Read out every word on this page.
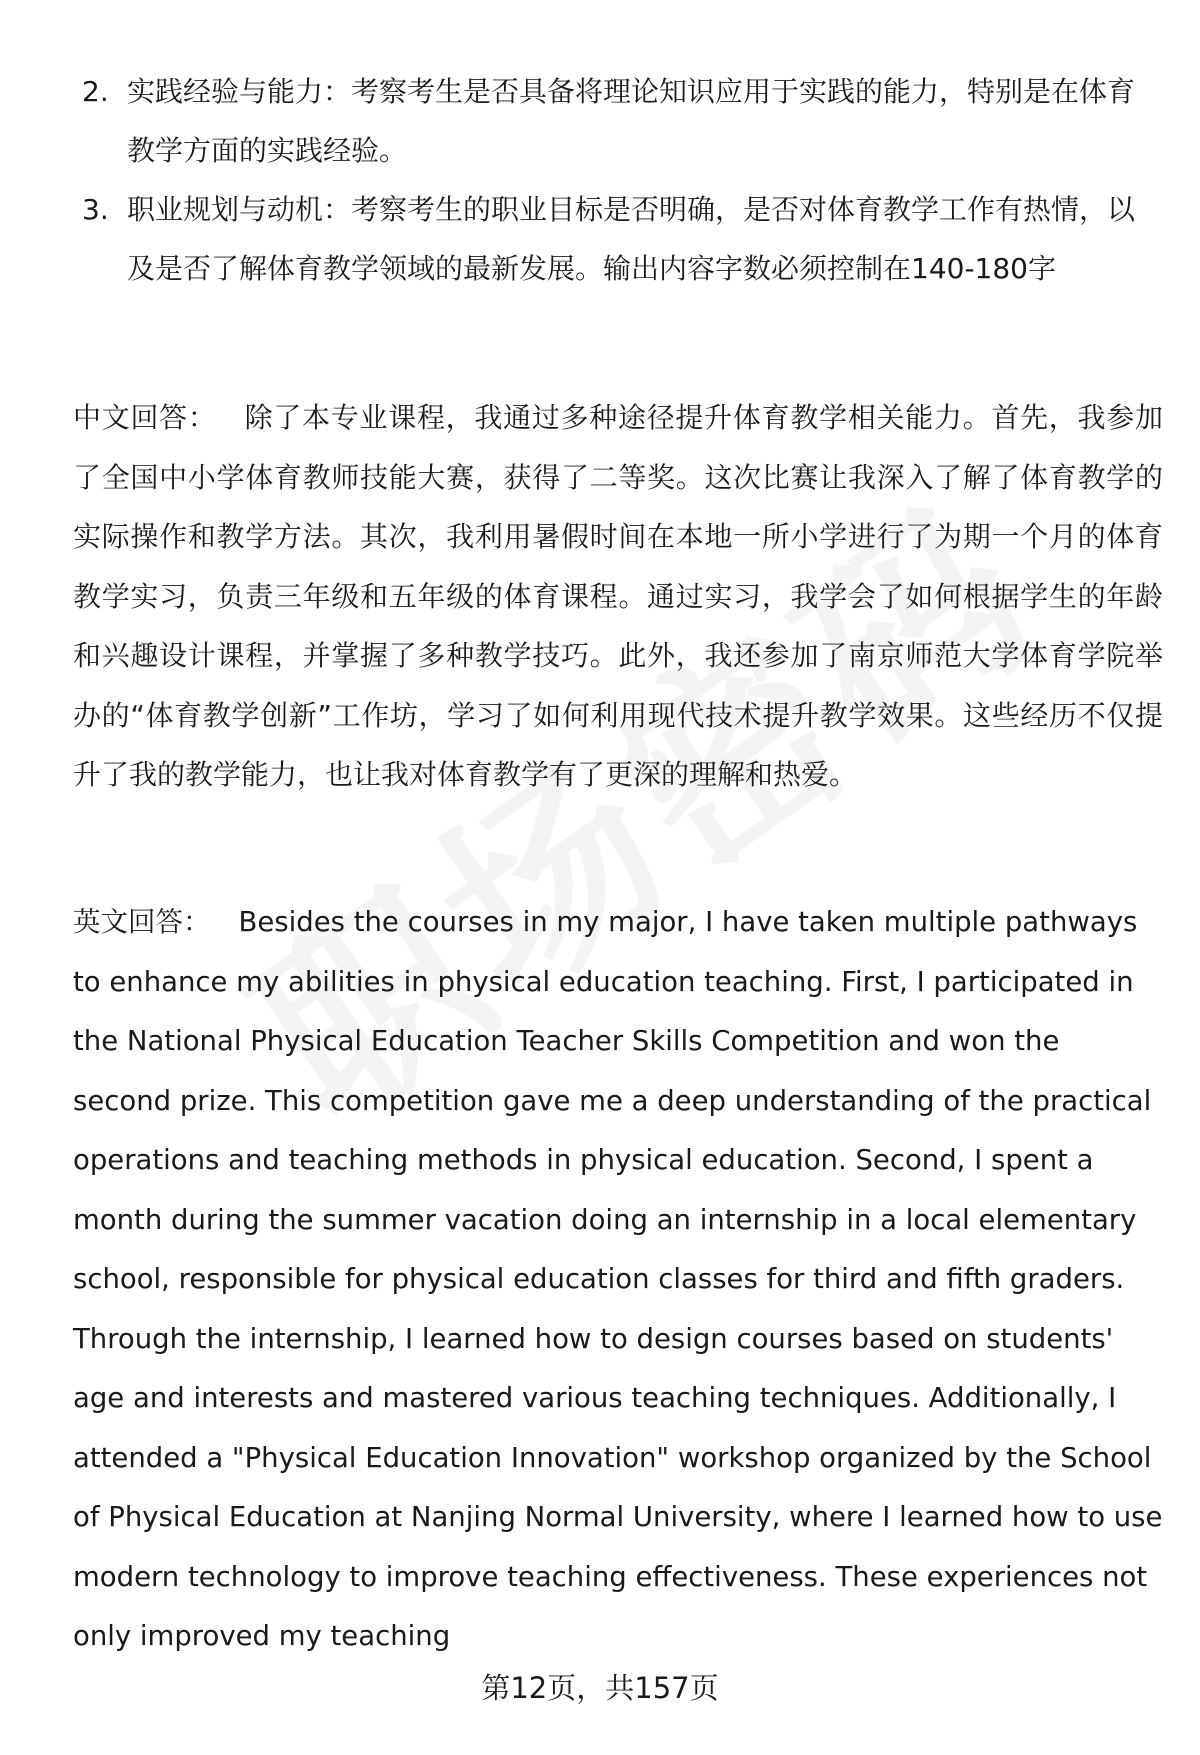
2. 实践经验与能力：考察考生是否具备将理论知识应用于实践的能力，特别是在体育教学方面的实践经验。
3. 职业规划与动机：考察考生的职业目标是否明确，是否对体育教学工作有热情，以及是否了解体育教学领域的最新发展。输出内容字数必须控制在140-180字

中文回答： 除了本专业课程，我通过多种途径提升体育教学相关能力。首先，我参加了全国中小学体育教师技能大赛，获得了二等奖。这次比赛让我深入了解了体育教学的实际操作和教学方法。其次，我利用暑假时间在本地一所小学进行了为期一个月的体育教学实习，负责三年级和五年级的体育课程。通过实习，我学会了如何根据学生的年龄和兴趣设计课程，并掌握了多种教学技巧。此外，我还参加了南京师范大学体育学院举办的“体育教学创新”工作坊，学习了如何利用现代技术提升教学效果。这些经历不仅提升了我的教学能力，也让我对体育教学有了更深的理解和热爱。

英文回答： Besides the courses in my major, I have taken multiple pathways to enhance my abilities in physical education teaching. First, I participated in the National Physical Education Teacher Skills Competition and won the second prize. This competition gave me a deep understanding of the practical operations and teaching methods in physical education. Second, I spent a month during the summer vacation doing an internship in a local elementary school, responsible for physical education classes for third and fifth graders. Through the internship, I learned how to design courses based on students' age and interests and mastered various teaching techniques. Additionally, I attended a "Physical Education Innovation" workshop organized by the School of Physical Education at Nanjing Normal University, where I learned how to use modern technology to improve teaching effectiveness. These experiences not only improved my teaching

第12页，共157页
